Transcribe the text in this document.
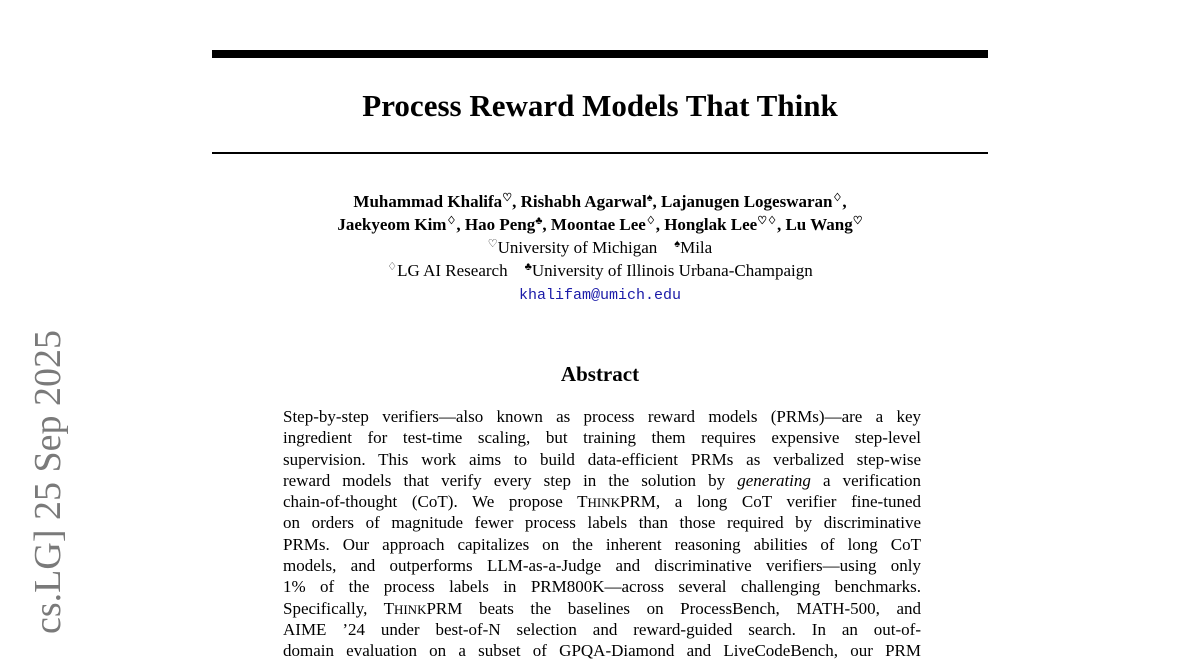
Process Reward Models That Think
Muhammad Khalifa♡, Rishabh Agarwal♠, Lajanugen Logeswaran♢,
Jaekyeom Kim♢, Hao Peng♣, Moontae Lee♢, Honglak Lee♡♢, Lu Wang♡
♡University of Michigan ♠Mila
♢LG AI Research ♣University of Illinois Urbana-Champaign
khalifam@umich.edu
Abstract
Step-by-step verifiers—also known as process reward models (PRMs)—are a key
ingredient for test-time scaling, but training them requires expensive step-level
supervision. This work aims to build data-efficient PRMs as verbalized step-wise
reward models that verify every step in the solution by generating a verification
chain-of-thought (CoT). We propose THINKPRM, a long CoT verifier fine-tuned
on orders of magnitude fewer process labels than those required by discriminative
PRMs. Our approach capitalizes on the inherent reasoning abilities of long CoT
models, and outperforms LLM-as-a-Judge and discriminative verifiers—using only
1% of the process labels in PRM800K—across several challenging benchmarks.
Specifically, THINKPRM beats the baselines on ProcessBench, MATH-500, and
AIME ’24 under best-of-N selection and reward-guided search. In an out-of-
domain evaluation on a subset of GPQA-Diamond and LiveCodeBench, our PRM
cs.LG] 25 Sep 2025
